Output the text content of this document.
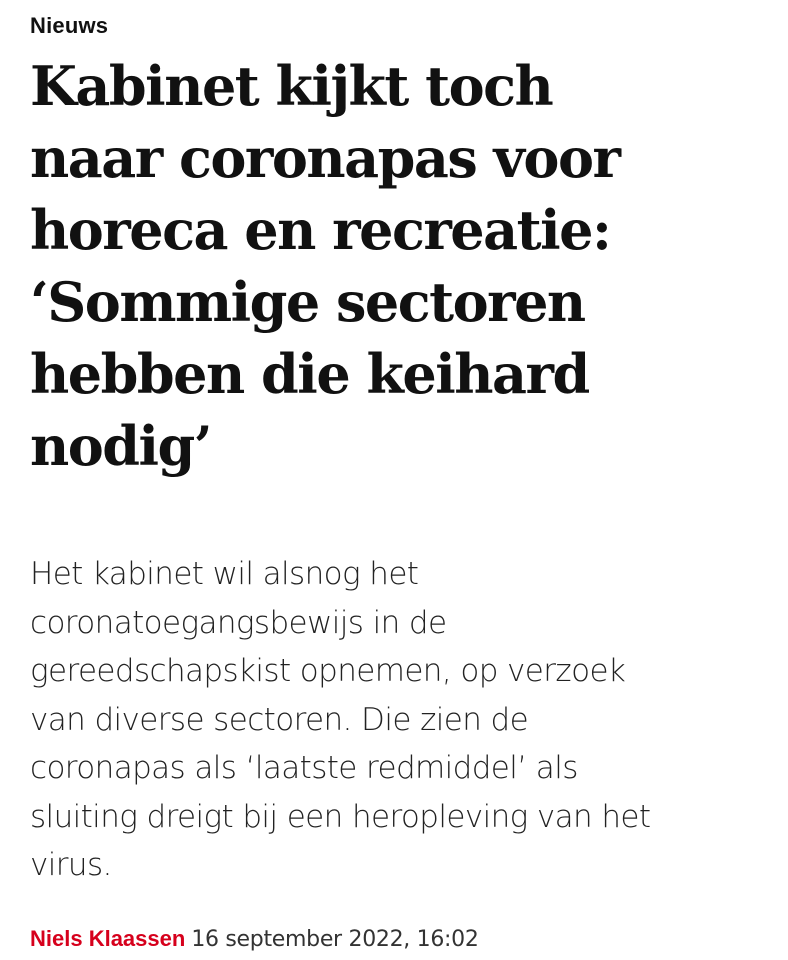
Nieuws
Kabinet kijkt toch
naar coronapas voor
horeca en recreatie:
‘Sommige sectoren
hebben die keihard
nodig’

Het kabinet wil alsnog het
coronatoegangsbewijs in de
gereedschapskist opnemen, op verzoek
van diverse sectoren. Die zien de
coronapas als ‘laatste redmiddel’ als
sluiting dreigt bij een heropleving van het
virus.

Niels Klaassen 16 september 2022, 16:02
